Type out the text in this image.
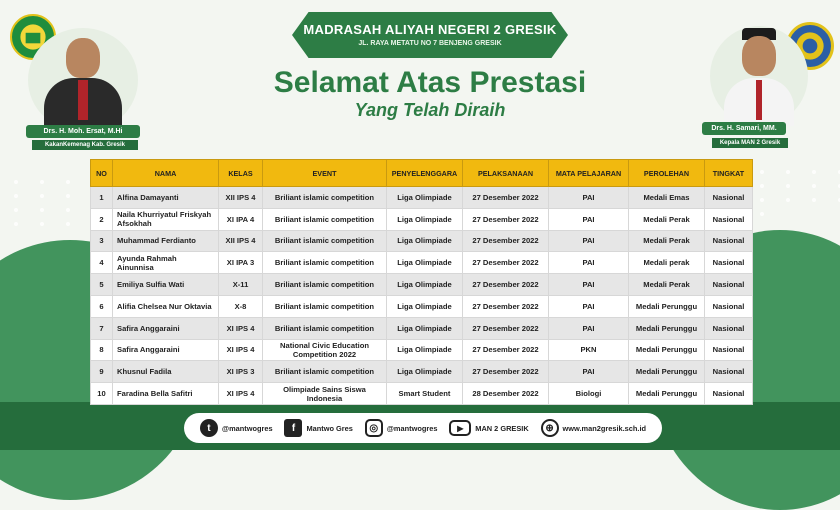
MADRASAH ALIYAH NEGERI 2 GRESIK
JL. RAYA METATU NO 7 BENJENG GRESIK
Selamat Atas Prestasi
Yang Telah Diraih
Drs. H. Moh. Ersat, M.Hi
KakanKemenag Kab. Gresik
Drs. H. Samari, MM.
Kepala MAN 2 Gresik
NO	NAMA	KELAS	EVENT	PENYELENGGARA	PELAKSANAAN	MATA PELAJARAN	PEROLEHAN	TINGKAT
1	Alfina Damayanti	XII IPS 4	Briliant islamic competition	Liga Olimpiade	27 Desember 2022	PAI	Medali Emas	Nasional
2	Naila Khurriyatul Friskyah Afsokhah	XI IPA 4	Briliant islamic competition	Liga Olimpiade	27 Desember 2022	PAI	Medali Perak	Nasional
3	Muhammad Ferdianto	XII IPS 4	Briliant islamic competition	Liga Olimpiade	27 Desember 2022	PAI	Medali Perak	Nasional
4	Ayunda Rahmah Ainunnisa	XI IPA 3	Briliant islamic competition	Liga Olimpiade	27 Desember 2022	PAI	Medali perak	Nasional
5	Emiliya Sulfia Wati	X-11	Briliant islamic competition	Liga Olimpiade	27 Desember 2022	PAI	Medali Perak	Nasional
6	Alifia Chelsea Nur Oktavia	X-8	Briliant islamic competition	Liga Olimpiade	27 Desember 2022	PAI	Medali Perunggu	Nasional
7	Safira Anggaraini	XI IPS 4	Briliant islamic competition	Liga Olimpiade	27 Desember 2022	PAI	Medali Perunggu	Nasional
8	Safira Anggaraini	XI IPS 4	National Civic Education Competition 2022	Liga Olimpiade	27 Desember 2022	PKN	Medali Perunggu	Nasional
9	Khusnul Fadila	XI IPS 3	Briliant islamic competition	Liga Olimpiade	27 Desember 2022	PAI	Medali Perunggu	Nasional
10	Faradina Bella Safitri	XI IPS 4	Olimpiade Sains Siswa Indonesia	Smart Student	28 Desember 2022	Biologi	Medali Perunggu	Nasional
t	@mantwogres	f	Mantwo Gres	◎	@mantwogres	▶	MAN 2 GRESIK	⊕	www.man2gresik.sch.id
